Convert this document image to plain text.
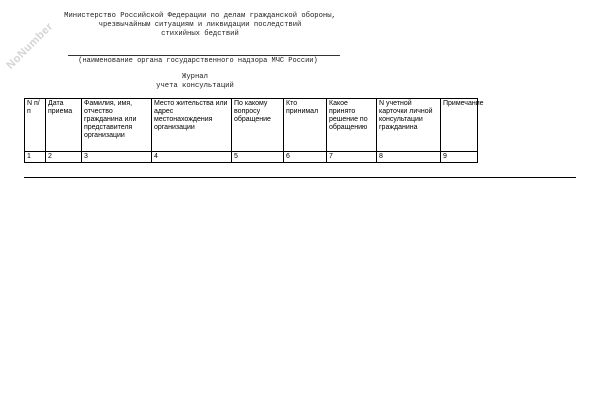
NoNumber
Министерство Российской Федерации по делам гражданской обороны,
чрезвычайным ситуациям и ликвидации последствий
стихийных бедствий
(наименование органа государственного надзора МЧС России)
Журнал
учета консультаций
N п/п	Дата приема	Фамилия, имя, отчество гражданина или представителя организации	Место жительства или адрес местонахождения организации	По какому вопросу обращение	Кто принимал	Какое принято решение по обращению	N учетной карточки личной консультации гражданина	Примечание
1	2	3	4	5	6	7	8	9
